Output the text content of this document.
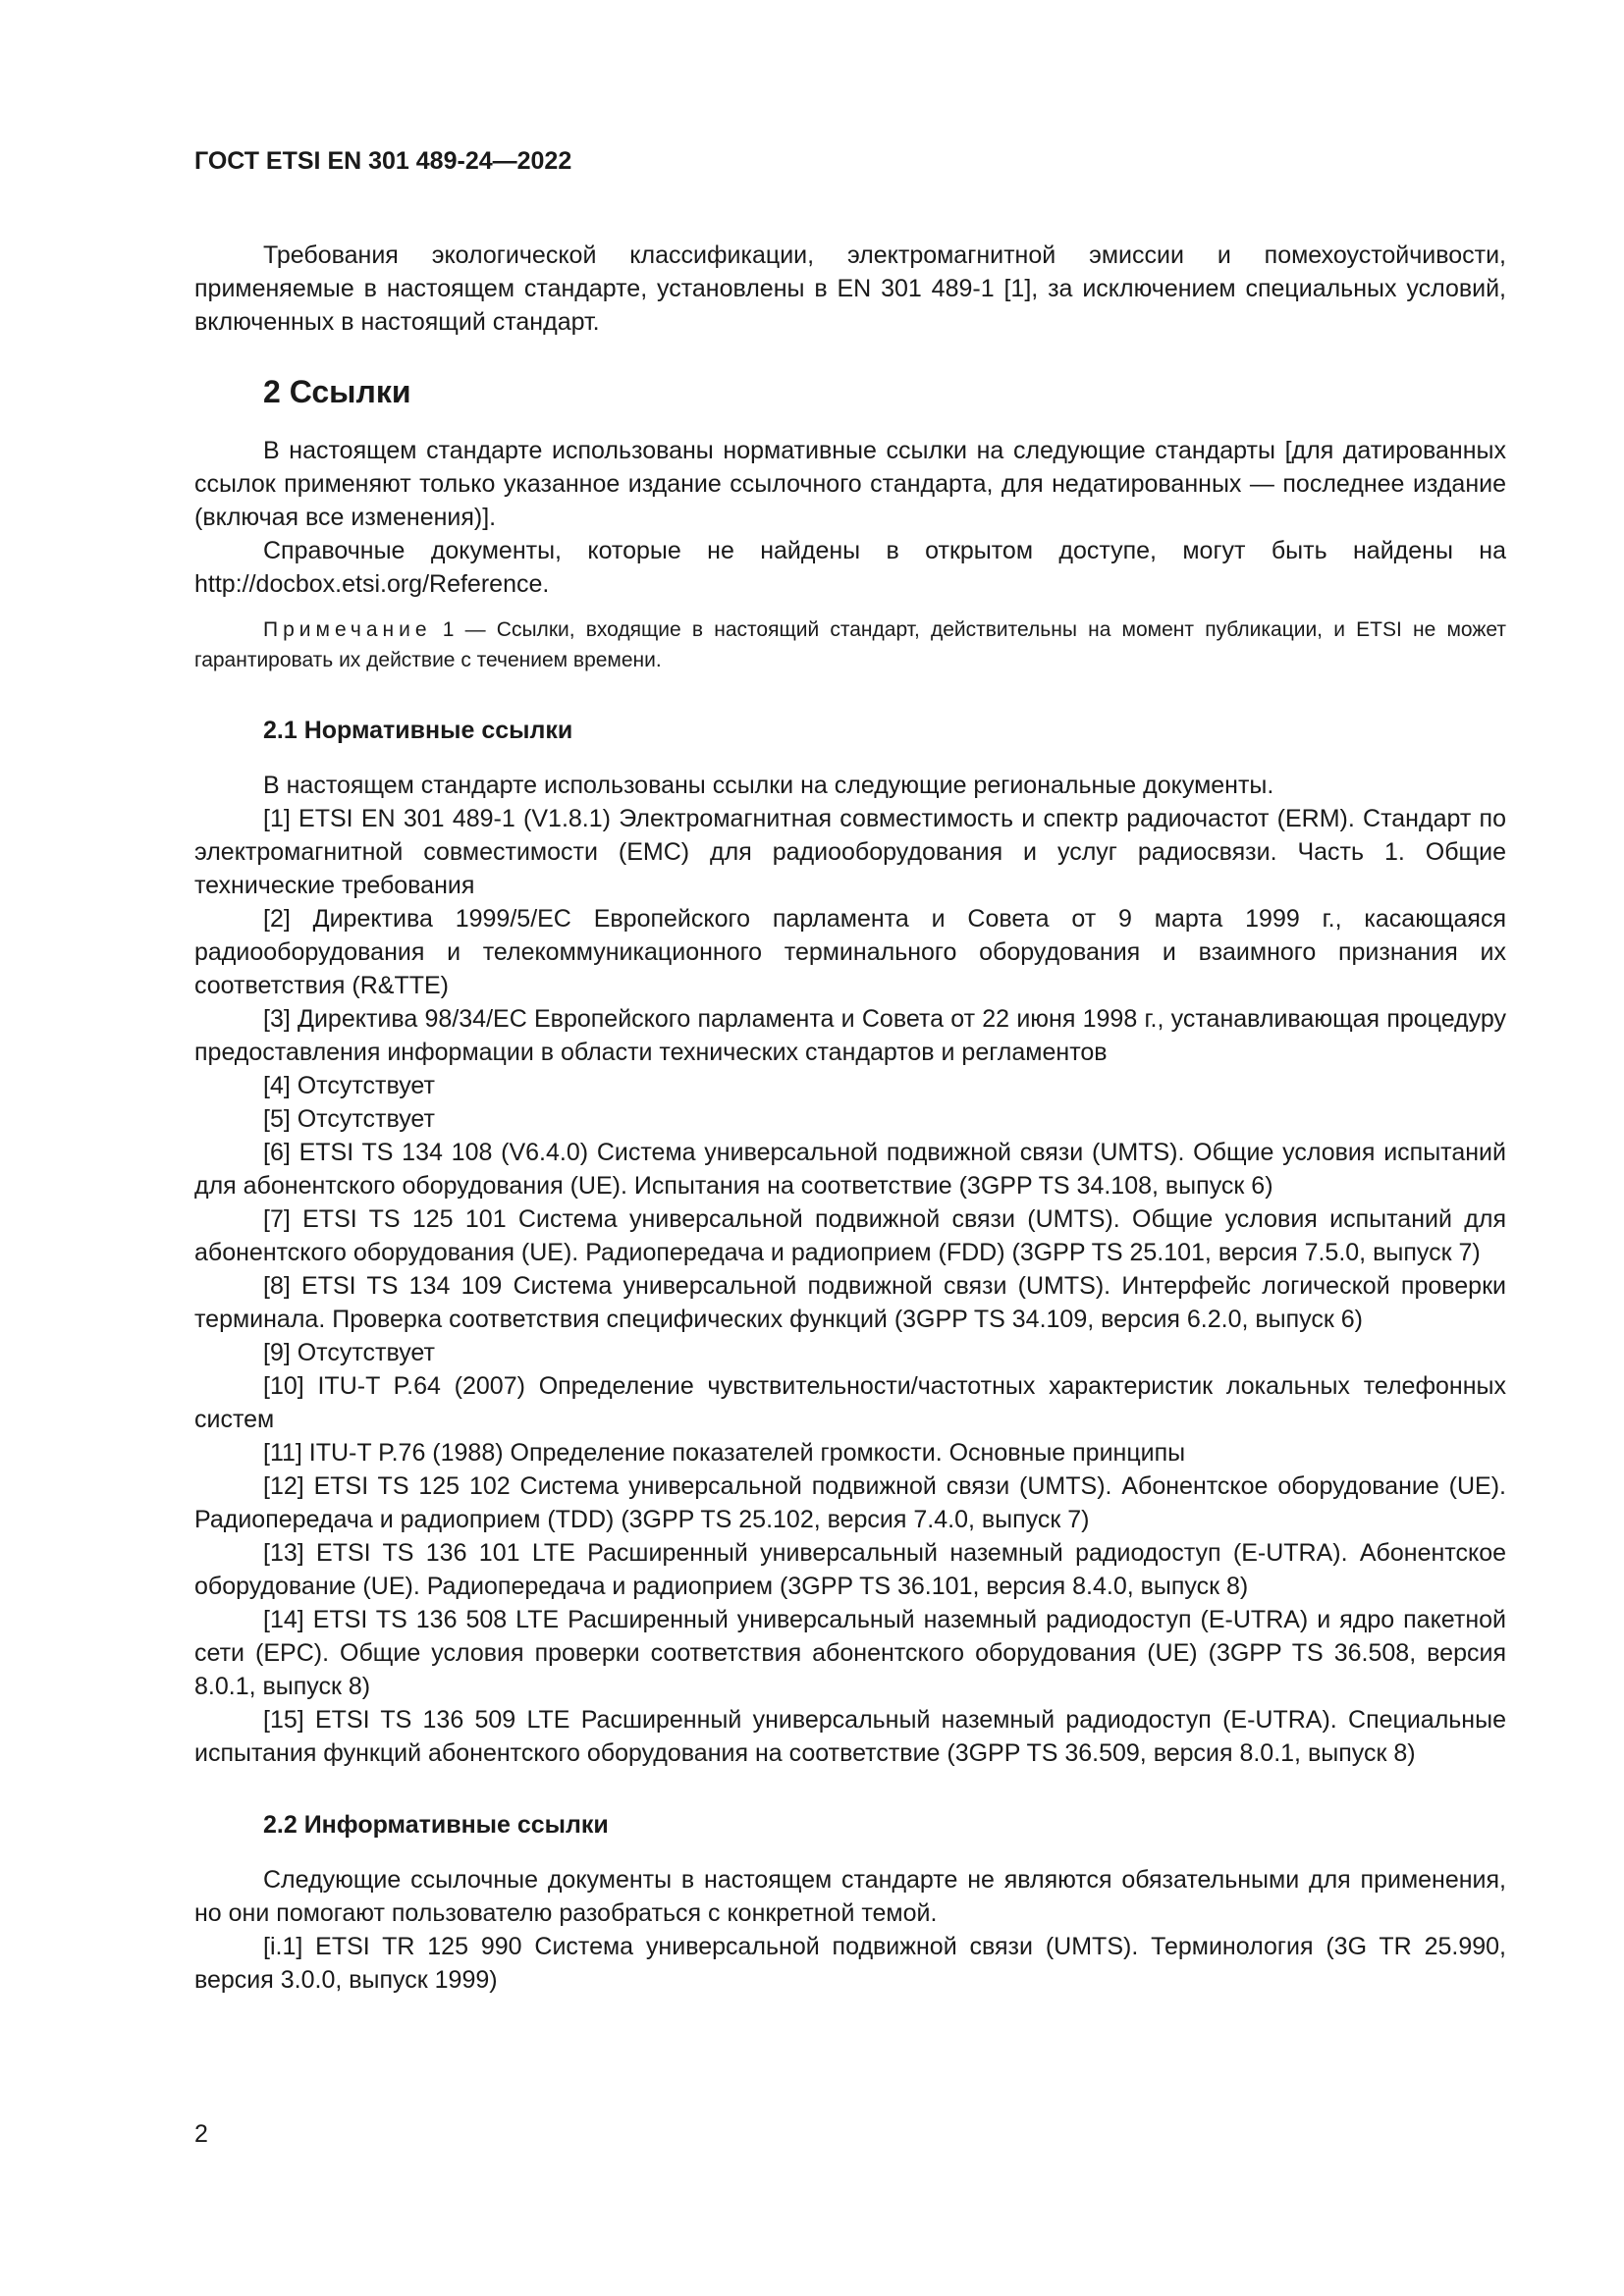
ГОСТ ETSI EN 301 489-24—2022

Требования экологической классификации, электромагнитной эмиссии и помехоустойчивости, применяемые в настоящем стандарте, установлены в EN 301 489-1 [1], за исключением специальных условий, включенных в настоящий стандарт.

2 Ссылки

В настоящем стандарте использованы нормативные ссылки на следующие стандарты [для датированных ссылок применяют только указанное издание ссылочного стандарта, для недатированных — последнее издание (включая все изменения)].

Справочные документы, которые не найдены в открытом доступе, могут быть найдены на http://docbox.etsi.org/Reference.

Примечание 1 — Ссылки, входящие в настоящий стандарт, действительны на момент публикации, и ETSI не может гарантировать их действие с течением времени.
2.1 Нормативные ссылки

В настоящем стандарте использованы ссылки на следующие региональные документы.

[1] ETSI EN 301 489-1 (V1.8.1) Электромагнитная совместимость и спектр радиочастот (ERM). Стандарт по электромагнитной совместимости (EMC) для радиооборудования и услуг радиосвязи. Часть 1. Общие технические требования

[2] Директива 1999/5/EC Европейского парламента и Совета от 9 марта 1999 г., касающаяся радиооборудования и телекоммуникационного терминального оборудования и взаимного признания их соответствия (R&TTE)

[3] Директива 98/34/EC Европейского парламента и Совета от 22 июня 1998 г., устанавливающая процедуру предоставления информации в области технических стандартов и регламентов

[4] Отсутствует

[5] Отсутствует

[6] ETSI TS 134 108 (V6.4.0) Система универсальной подвижной связи (UMTS). Общие условия испытаний для абонентского оборудования (UE). Испытания на соответствие (3GPP TS 34.108, выпуск 6)

[7] ETSI TS 125 101 Система универсальной подвижной связи (UMTS). Общие условия испытаний для абонентского оборудования (UE). Радиопередача и радиоприем (FDD) (3GPP TS 25.101, версия 7.5.0, выпуск 7)

[8] ETSI TS 134 109 Система универсальной подвижной связи (UMTS). Интерфейс логической проверки терминала. Проверка соответствия специфических функций (3GPP TS 34.109, версия 6.2.0, выпуск 6)

[9] Отсутствует

[10] ITU-T P.64 (2007) Определение чувствительности/частотных характеристик локальных телефонных систем

[11] ITU-T P.76 (1988) Определение показателей громкости. Основные принципы

[12] ETSI TS 125 102 Система универсальной подвижной связи (UMTS). Абонентское оборудование (UE). Радиопередача и радиоприем (TDD) (3GPP TS 25.102, версия 7.4.0, выпуск 7)

[13] ETSI TS 136 101 LTE Расширенный универсальный наземный радиодоступ (E-UTRA). Абонентское оборудование (UE). Радиопередача и радиоприем (3GPP TS 36.101, версия 8.4.0, выпуск 8)

[14] ETSI TS 136 508 LTE Расширенный универсальный наземный радиодоступ (E-UTRA) и ядро пакетной сети (EPC). Общие условия проверки соответствия абонентского оборудования (UE) (3GPP TS 36.508, версия 8.0.1, выпуск 8)

[15] ETSI TS 136 509 LTE Расширенный универсальный наземный радиодоступ (E-UTRA). Специальные испытания функций абонентского оборудования на соответствие (3GPP TS 36.509, версия 8.0.1, выпуск 8)

2.2 Информативные ссылки

Следующие ссылочные документы в настоящем стандарте не являются обязательными для применения, но они помогают пользователю разобраться с конкретной темой.

[i.1] ETSI TR 125 990 Система универсальной подвижной связи (UMTS). Терминология (3G TR 25.990, версия 3.0.0, выпуск 1999)

2
